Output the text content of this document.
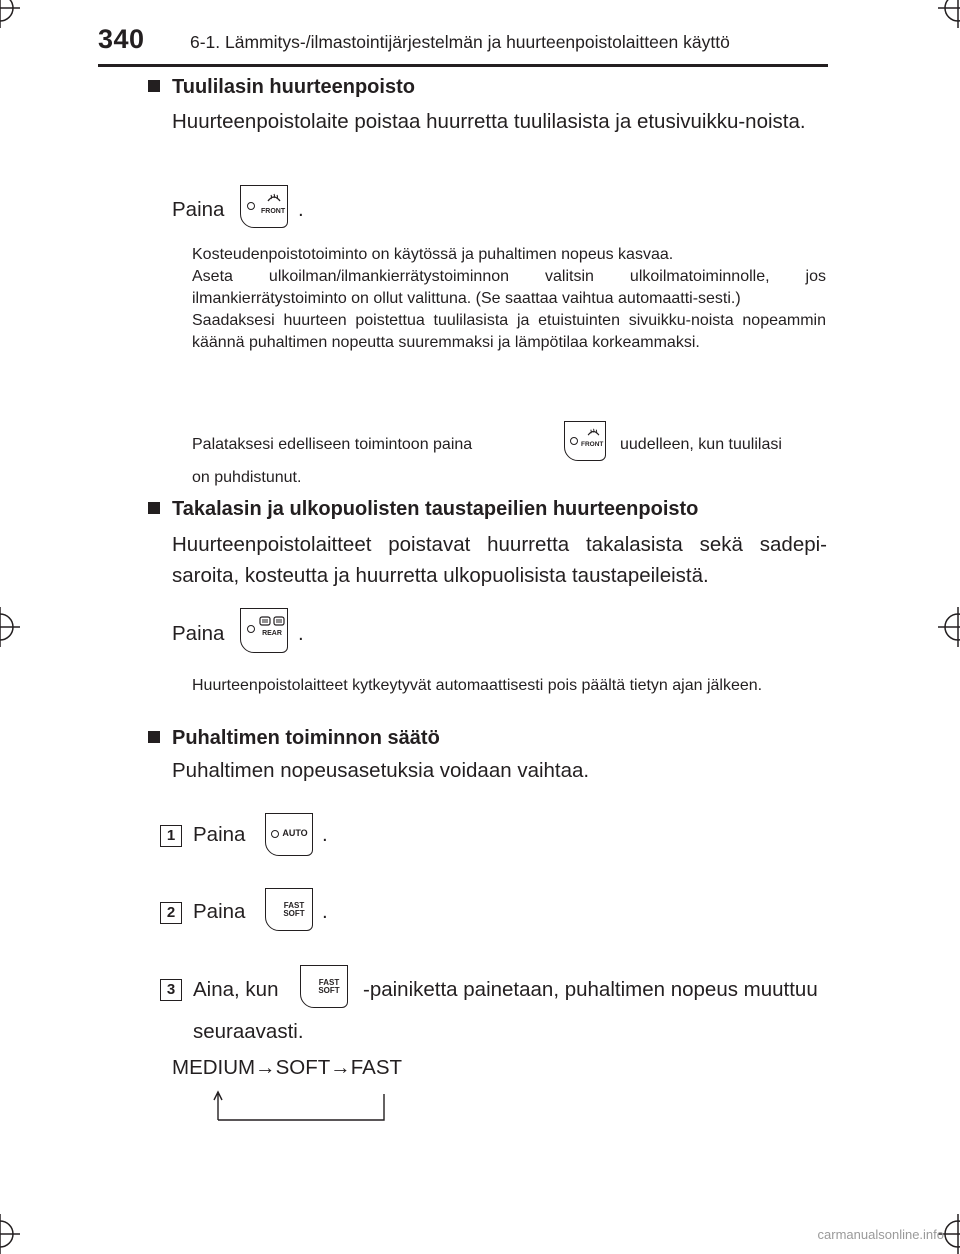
340	6-1. Lämmitys-/ilmastointijärjestelmän ja huurteenpoistolaitteen käyttö
Tuulilasin huurteenpoisto
Huurteenpoistolaite poistaa huurretta tuulilasista ja etusivuikku-noista.
Paina	FRONT .
Kosteudenpoistotoiminto on käytössä ja puhaltimen nopeus kasvaa.
Aseta ulkoilman/ilmankierrätystoiminnon valitsin ulkoilmatoiminnolle, jos ilmankierrätystoiminto on ollut valittuna. (Se saattaa vaihtua automaatti-sesti.)
Saadaksesi huurteen poistettua tuulilasista ja etuistuinten sivuikku-noista nopeammin käännä puhaltimen nopeutta suuremmaksi ja lämpötilaa korkeammaksi.
Palataksesi edelliseen toimintoon paina	FRONT uudelleen, kun tuulilasi
on puhdistunut.
Takalasin ja ulkopuolisten taustapeilien huurteenpoisto
Huurteenpoistolaitteet poistavat huurretta takalasista sekä sadepi-saroita, kosteutta ja huurretta ulkopuolisista taustapeileistä.
Paina	REAR .
Huurteenpoistolaitteet kytkeytyvät automaattisesti pois päältä tietyn ajan jälkeen.
Puhaltimen toiminnon säätö
Puhaltimen nopeusasetuksia voidaan vaihtaa.
1 Paina	AUTO .
2 Paina	FAST SOFT .
3 Aina, kun	FAST SOFT -painiketta painetaan, puhaltimen nopeus muuttuu
seuraavasti.
MEDIUM→SOFT→FAST
carmanualsonline.info
